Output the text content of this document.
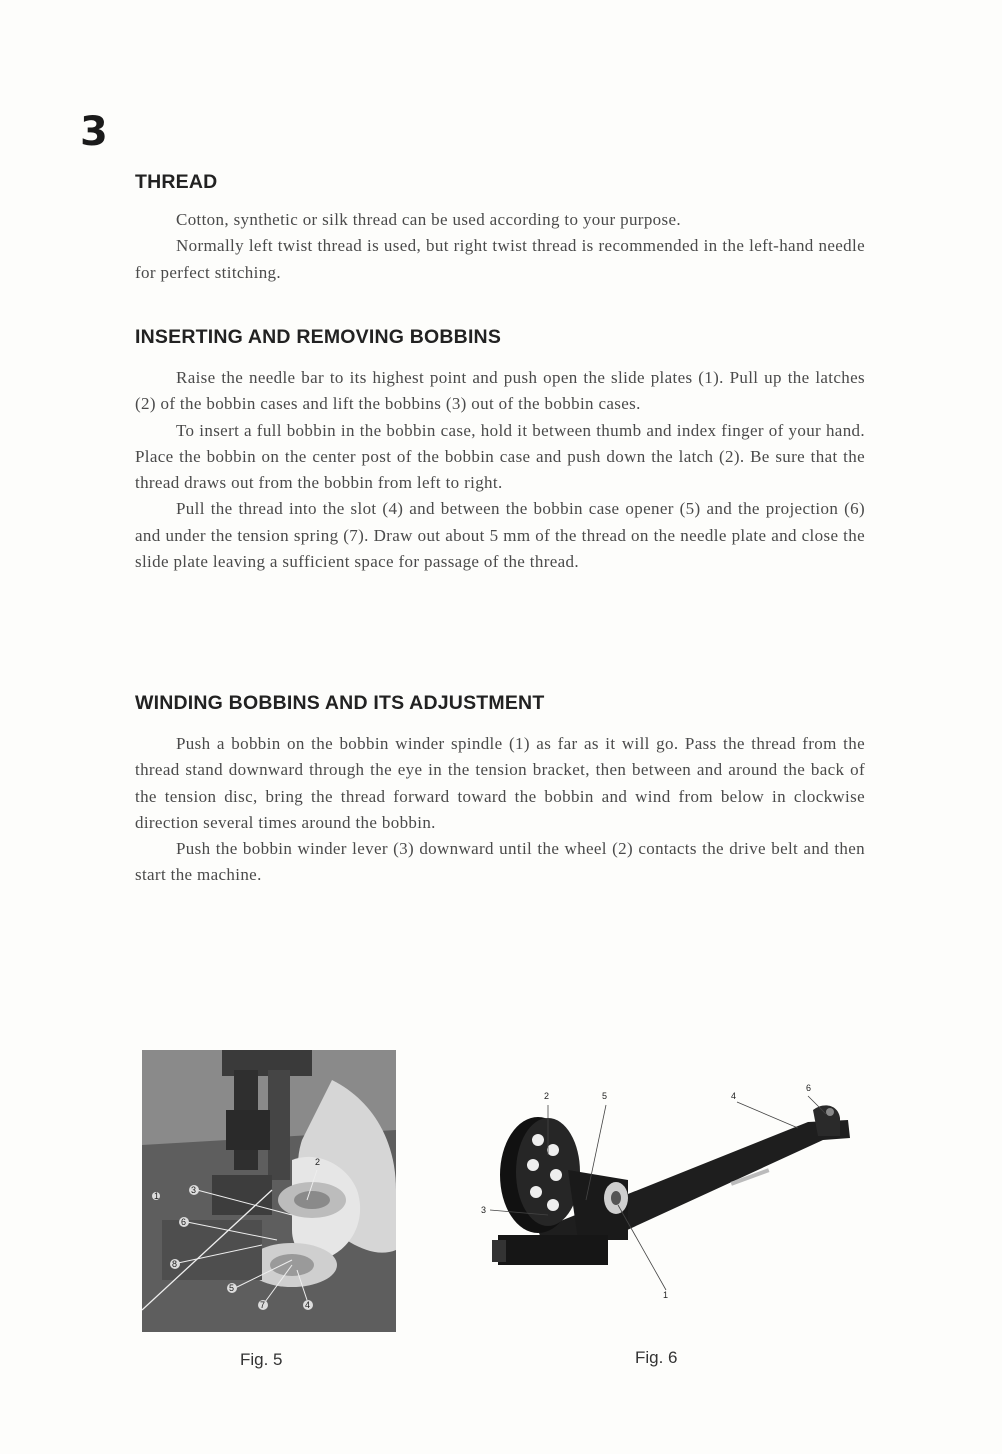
3
THREAD

Cotton, synthetic or silk thread can be used according to your purpose.

Normally left twist thread is used, but right twist thread is recommended in the left-hand needle for perfect stitching.

INSERTING AND REMOVING BOBBINS

Raise the needle bar to its highest point and push open the slide plates (1). Pull up the latches (2) of the bobbin cases and lift the bobbins (3) out of the bobbin cases.

To insert a full bobbin in the bobbin case, hold it between thumb and index finger of your hand. Place the bobbin on the center post of the bobbin case and push down the latch (2). Be sure that the thread draws out from the bobbin from left to right.

Pull the thread into the slot (4) and between the bobbin case opener (5) and the projection (6) and under the tension spring (7). Draw out about 5 mm of the thread on the needle plate and close the slide plate leaving a sufficient space for passage of the thread.

WINDING BOBBINS AND ITS ADJUSTMENT

Push a bobbin on the bobbin winder spindle (1) as far as it will go. Pass the thread from the thread stand downward through the eye in the tension bracket, then between and around the back of the tension disc, bring the thread forward toward the bobbin and wind from below in clockwise direction several times around the bobbin.

Push the bobbin winder lever (3) downward until the wheel (2) contacts the drive belt and then start the machine.

2
3
6
8
5
7	4
1
Fig. 5
2	5	4
6
3
1
Fig. 6
